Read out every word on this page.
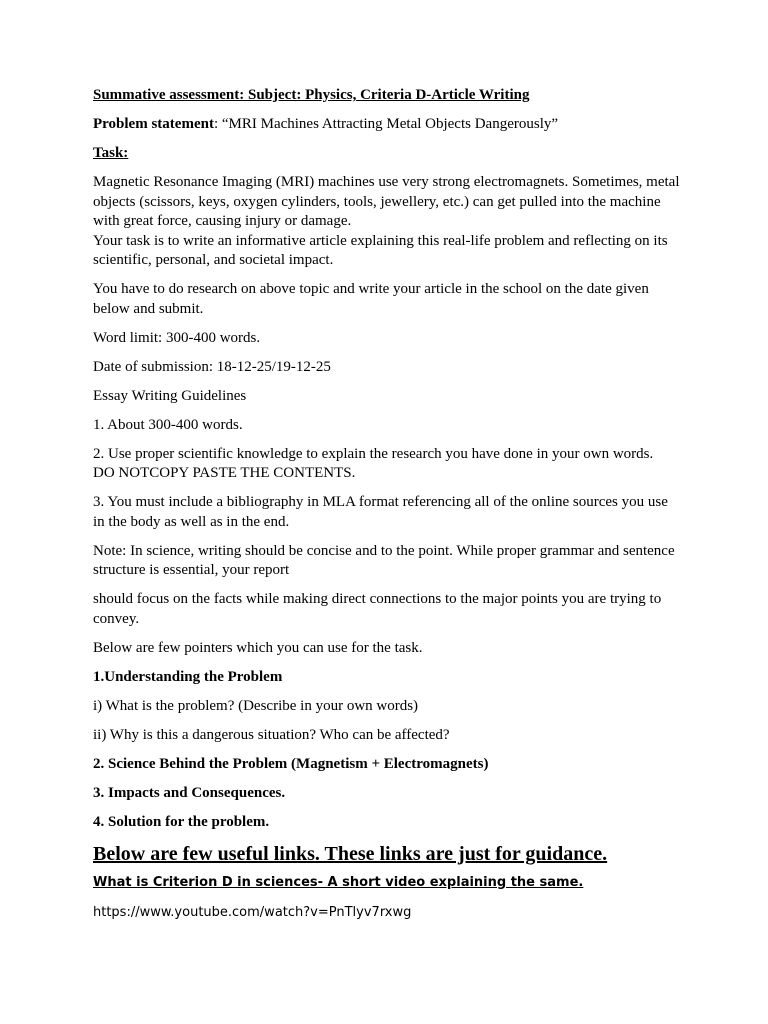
Summative assessment: Subject: Physics, Criteria D-Article Writing

Problem statement: “MRI Machines Attracting Metal Objects Dangerously”

Task:

Magnetic Resonance Imaging (MRI) machines use very strong electromagnets. Sometimes, metal objects (scissors, keys, oxygen cylinders, tools, jewellery, etc.) can get pulled into the machine with great force, causing injury or damage.
Your task is to write an informative article explaining this real-life problem and reflecting on its scientific, personal, and societal impact.

You have to do research on above topic and write your article in the school on the date given below and submit.

Word limit: 300-400 words.

Date of submission: 18-12-25/19-12-25

Essay Writing Guidelines

1. About 300-400 words.

2. Use proper scientific knowledge to explain the research you have done in your own words.
DO NOTCOPY PASTE THE CONTENTS.

3. You must include a bibliography in MLA format referencing all of the online sources you use in the body as well as in the end.

Note: In science, writing should be concise and to the point. While proper grammar and sentence structure is essential, your report

should focus on the facts while making direct connections to the major points you are trying to convey.

Below are few pointers which you can use for the task.

1.Understanding the Problem

i) What is the problem? (Describe in your own words)

ii) Why is this a dangerous situation? Who can be affected?

2. Science Behind the Problem (Magnetism + Electromagnets)

3. Impacts and Consequences.

4. Solution for the problem.

Below are few useful links. These links are just for guidance.

What is Criterion D in sciences- A short video explaining the same.

https://www.youtube.com/watch?v=PnTlyv7rxwg
